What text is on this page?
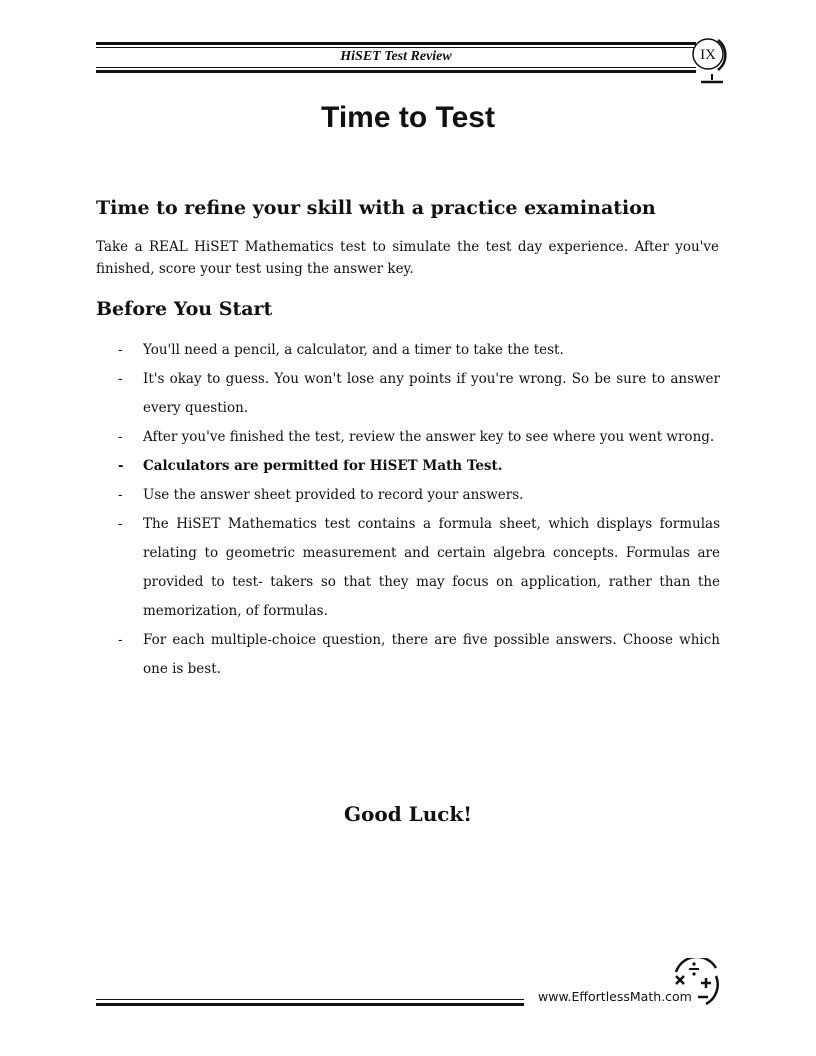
HiSET Test Review	IX
Time to Test
Time to refine your skill with a practice examination

Take a REAL HiSET Mathematics test to simulate the test day experience. After you've finished, score your test using the answer key.

Before You Start
- You'll need a pencil, a calculator, and a timer to take the test.
- It's okay to guess. You won't lose any points if you're wrong. So be sure to answer every question.
- After you've finished the test, review the answer key to see where you went wrong.
- Calculators are permitted for HiSET Math Test.
- Use the answer sheet provided to record your answers.
- The HiSET Mathematics test contains a formula sheet, which displays formulas relating to geometric measurement and certain algebra concepts. Formulas are provided to test- takers so that they may focus on application, rather than the memorization, of formulas.
- For each multiple-choice question, there are five possible answers. Choose which one is best.

Good Luck!

www.EffortlessMath.com
